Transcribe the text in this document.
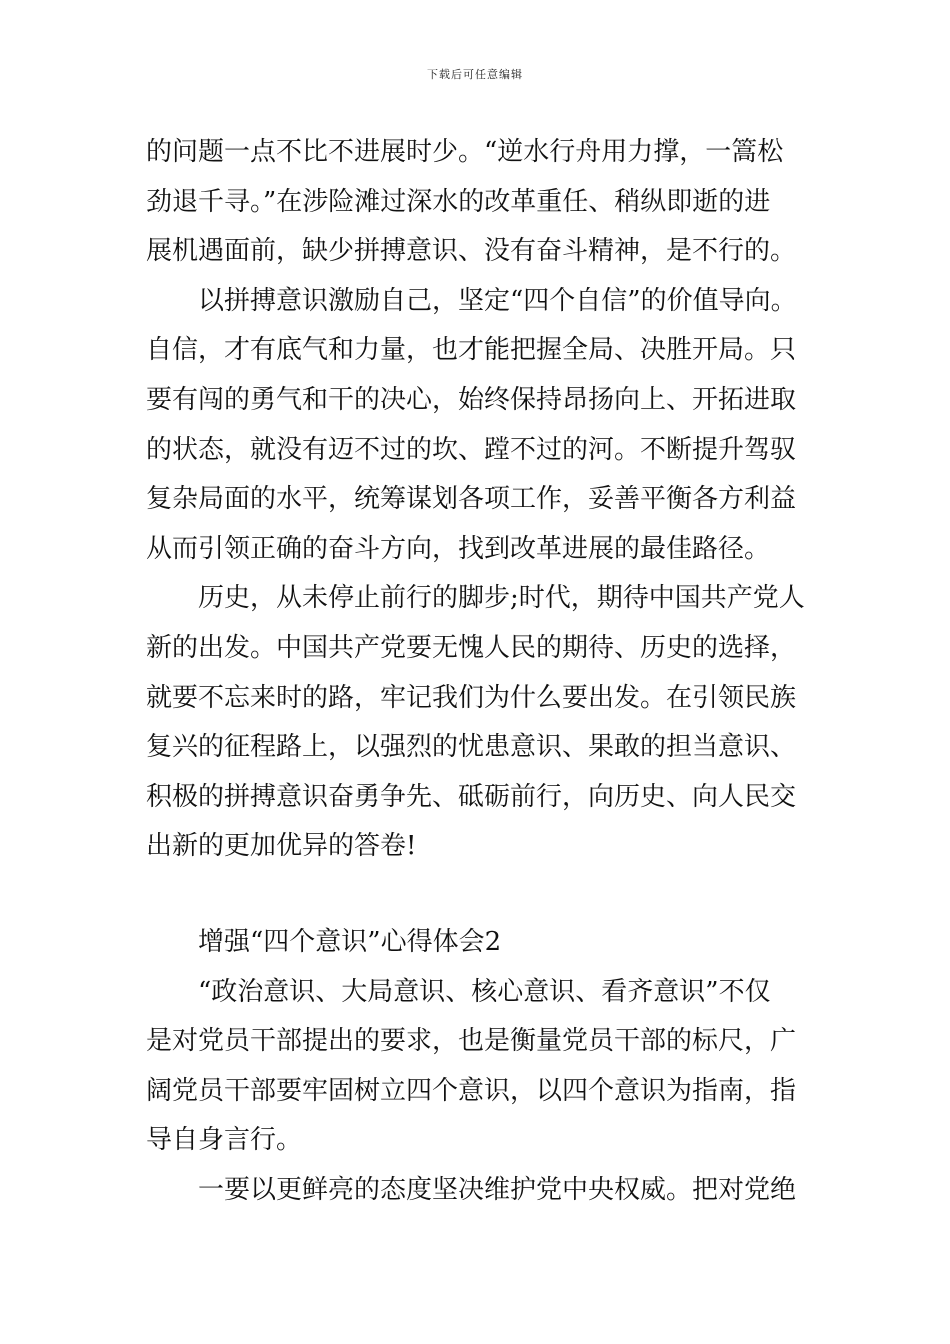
下载后可任意编辑
的问题一点不比不进展时少。“逆水行舟用力撑，一篙松
劲退千寻。”在涉险滩过深水的改革重任、稍纵即逝的进
展机遇面前，缺少拼搏意识、没有奋斗精神，是不行的。
以拼搏意识激励自己，坚定“四个自信”的价值导向。
自信，才有底气和力量，也才能把握全局、决胜开局。只
要有闯的勇气和干的决心，始终保持昂扬向上、开拓进取
的状态，就没有迈不过的坎、蹚不过的河。不断提升驾驭
复杂局面的水平，统筹谋划各项工作，妥善平衡各方利益
从而引领正确的奋斗方向，找到改革进展的最佳路径。
历史，从未停止前行的脚步;时代，期待中国共产党人
新的出发。中国共产党要无愧人民的期待、历史的选择，
就要不忘来时的路，牢记我们为什么要出发。在引领民族
复兴的征程路上，以强烈的忧患意识、果敢的担当意识、
积极的拼搏意识奋勇争先、砥砺前行，向历史、向人民交
出新的更加优异的答卷!
增强“四个意识”心得体会2
“政治意识、大局意识、核心意识、看齐意识”不仅
是对党员干部提出的要求，也是衡量党员干部的标尺，广
阔党员干部要牢固树立四个意识，以四个意识为指南，指
导自身言行。
一要以更鲜亮的态度坚决维护党中央权威。把对党绝
